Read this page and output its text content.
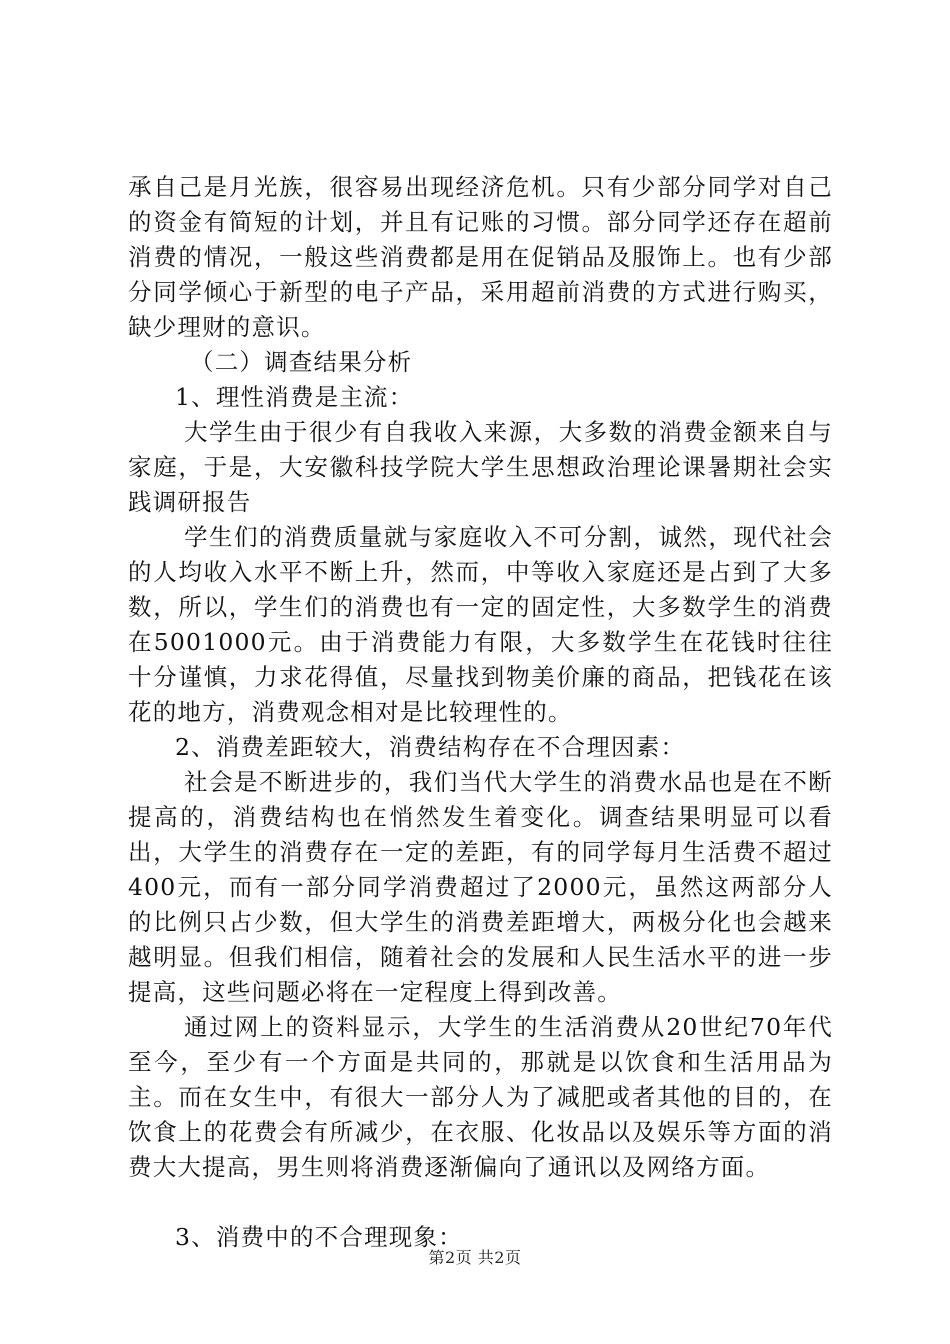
承自己是月光族，很容易出现经济危机。只有少部分同学对自己的资金有简短的计划，并且有记账的习惯。部分同学还存在超前消费的情况，一般这些消费都是用在促销品及服饰上。也有少部分同学倾心于新型的电子产品，采用超前消费的方式进行购买，缺少理财的意识。

（二）调查结果分析

1、理性消费是主流：

大学生由于很少有自我收入来源，大多数的消费金额来自与家庭，于是，大安徽科技学院大学生思想政治理论课暑期社会实践调研报告

学生们的消费质量就与家庭收入不可分割，诚然，现代社会的人均收入水平不断上升，然而，中等收入家庭还是占到了大多数，所以，学生们的消费也有一定的固定性，大多数学生的消费在5001000元。由于消费能力有限，大多数学生在花钱时往往十分谨慎，力求花得值，尽量找到物美价廉的商品，把钱花在该花的地方，消费观念相对是比较理性的。

2、消费差距较大，消费结构存在不合理因素：

社会是不断进步的，我们当代大学生的消费水品也是在不断提高的，消费结构也在悄然发生着变化。调查结果明显可以看出，大学生的消费存在一定的差距，有的同学每月生活费不超过400元，而有一部分同学消费超过了2000元，虽然这两部分人的比例只占少数，但大学生的消费差距增大，两极分化也会越来越明显。但我们相信，随着社会的发展和人民生活水平的进一步提高，这些问题必将在一定程度上得到改善。

通过网上的资料显示，大学生的生活消费从20世纪70年代至今，至少有一个方面是共同的，那就是以饮食和生活用品为主。而在女生中，有很大一部分人为了减肥或者其他的目的，在饮食上的花费会有所减少，在衣服、化妆品以及娱乐等方面的消费大大提高，男生则将消费逐渐偏向了通讯以及网络方面。

3、消费中的不合理现象：

第2页 共2页
